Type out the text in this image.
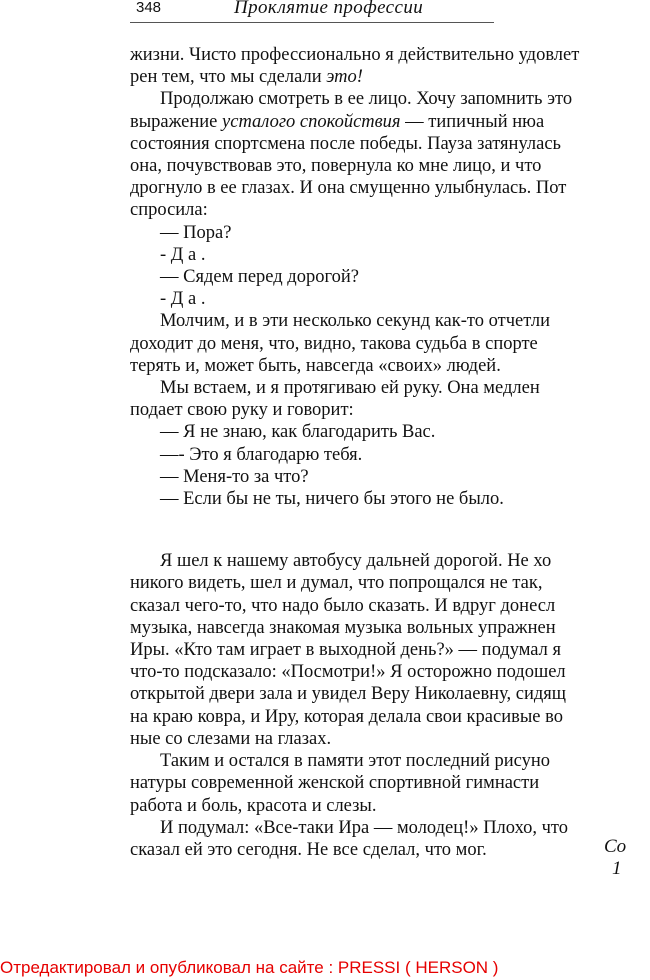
348	Проклятие профессии

жизни. Чисто профессионально я действительно удовлет

рен тем, что мы сделали это!

Продолжаю смотреть в ее лицо. Хочу запомнить это

выражение усталого спокойствия — типичный нюа

состояния спортсмена после победы. Пауза затянулась

она, почувствовав это, повернула ко мне лицо, и что

дрогнуло в ее глазах. И она смущенно улыбнулась. Пот

спросила:

— Пора?

- Д а .

— Сядем перед дорогой?

- Д а .

Молчим, и в эти несколько секунд как-то отчетли

доходит до меня, что, видно, такова судьба в спорте

терять и, может быть, навсегда «своих» людей.

Мы встаем, и я протягиваю ей руку. Она медлен

подает свою руку и говорит:

— Я не знаю, как благодарить Вас.

—- Это я благодарю тебя.

— Меня-то за что?

— Если бы не ты, ничего бы этого не было.

Я шел к нашему автобусу дальней дорогой. Не хо

никого видеть, шел и думал, что попрощался не так,

сказал чего-то, что надо было сказать. И вдруг донесл

музыка, навсегда знакомая музыка вольных упражнен

Иры. «Кто там играет в выходной день?» — подумал я

что-то подсказало: «Посмотри!» Я осторожно подошел

открытой двери зала и увидел Веру Николаевну, сидящ

на краю ковра, и Иру, которая делала свои красивые во

ные со слезами на глазах.

Таким и остался в памяти этот последний рисуно

натуры современной женской спортивной гимнасти

работа и боль, красота и слезы.

И подумал: «Все-таки Ира — молодец!» Плохо, что

сказал ей это сегодня. Не все сделал, что мог.	Co
1
Отредактировал и опубликовал на сайте : PRESSI ( HERSON )
